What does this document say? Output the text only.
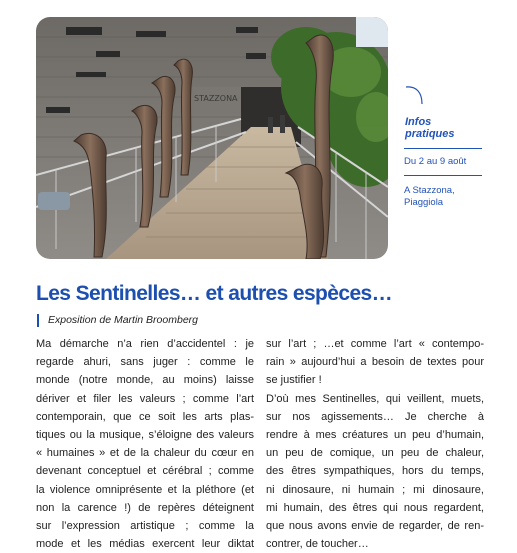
STAZZONA
Infos
pratiques
Du 2 au 9 août
A Stazzona,
Piaggiola
Les Sentinelles… et autres espèces…
Exposition de Martin Broomberg
Ma démarche n’a rien d’accidentel : je
regarde ahuri, sans juger : comme le
monde (notre monde, au moins) laisse
dériver et filer les valeurs ; comme l’art
contemporain, que ce soit les arts plas-
tiques ou la musique, s’éloigne des valeurs
« humaines » et de la chaleur du cœur en
devenant conceptuel et cérébral ; comme
la violence omniprésente et la pléthore (et
non la carence !) de repères déteignent
sur l’expression artistique ; comme la
mode et les médias exercent leur diktat
sur l’art ; …et comme l’art « contempo-
rain » aujourd’hui a besoin de textes pour
se justifier !
D’où mes Sentinelles, qui veillent, muets,
sur nos agissements… Je cherche à
rendre à mes créatures un peu d’humain,
un peu de comique, un peu de chaleur,
des êtres sympathiques, hors du temps,
ni dinosaure, ni humain ; mi dinosaure,
mi humain, des êtres qui nous regardent,
que nous avons envie de regarder, de ren-
contrer, de toucher…
